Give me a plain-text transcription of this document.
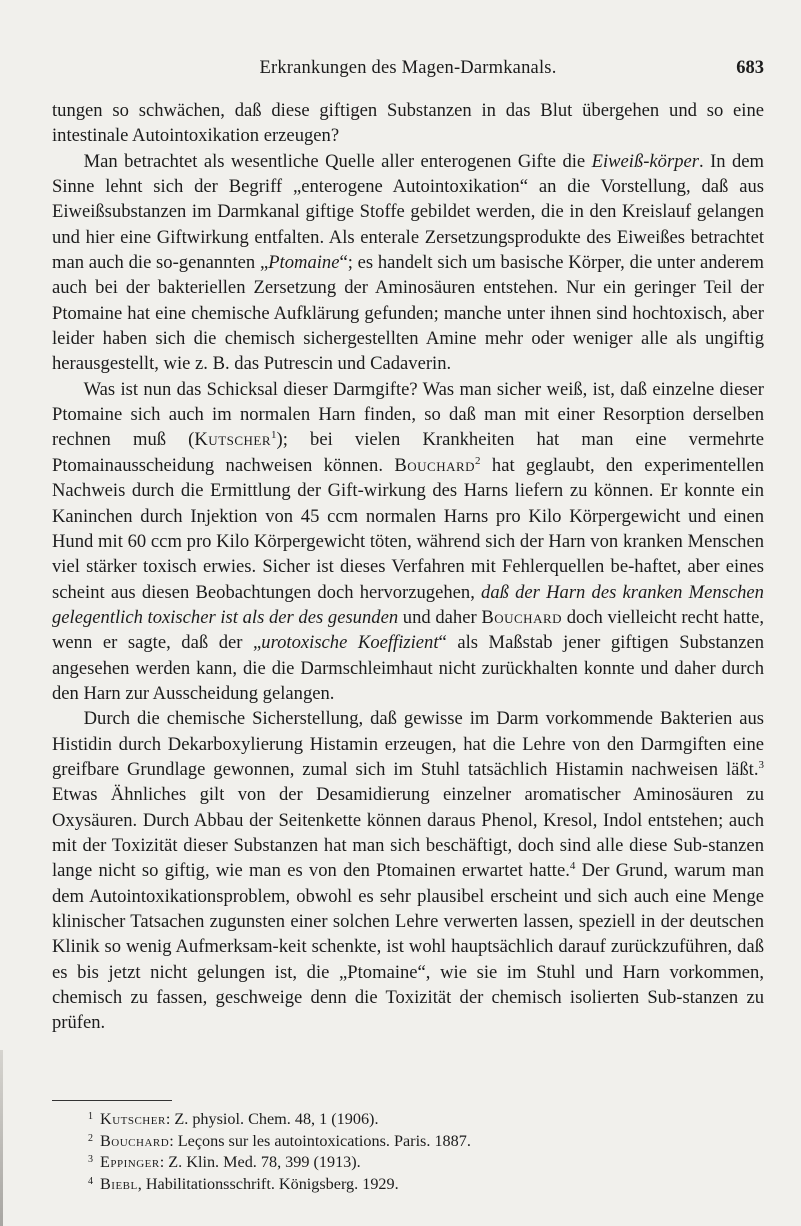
Erkrankungen des Magen-Darmkanals.	683

tungen so schwächen, daß diese giftigen Substanzen in das Blut übergehen und so eine intestinale Autointoxikation erzeugen?

Man betrachtet als wesentliche Quelle aller enterogenen Gifte die Eiweiß-körper. In dem Sinne lehnt sich der Begriff „enterogene Autointoxikation“ an die Vorstellung, daß aus Eiweißsubstanzen im Darmkanal giftige Stoffe gebildet werden, die in den Kreislauf gelangen und hier eine Giftwirkung entfalten. Als enterale Zersetzungsprodukte des Eiweißes betrachtet man auch die so-genannten „Ptomaine“; es handelt sich um basische Körper, die unter anderem auch bei der bakteriellen Zersetzung der Aminosäuren entstehen. Nur ein geringer Teil der Ptomaine hat eine chemische Aufklärung gefunden; manche unter ihnen sind hochtoxisch, aber leider haben sich die chemisch sichergestellten Amine mehr oder weniger alle als ungiftig herausgestellt, wie z. B. das Putrescin und Cadaverin.

Was ist nun das Schicksal dieser Darmgifte? Was man sicher weiß, ist, daß einzelne dieser Ptomaine sich auch im normalen Harn finden, so daß man mit einer Resorption derselben rechnen muß (Kutscher$^1$); bei vielen Krankheiten hat man eine vermehrte Ptomainausscheidung nachweisen können. Bouchard$^2$ hat geglaubt, den experimentellen Nachweis durch die Ermittlung der Gift-wirkung des Harns liefern zu können. Er konnte ein Kaninchen durch Injektion von 45 ccm normalen Harns pro Kilo Körpergewicht und einen Hund mit 60 ccm pro Kilo Körpergewicht töten, während sich der Harn von kranken Menschen viel stärker toxisch erwies. Sicher ist dieses Verfahren mit Fehlerquellen be-haftet, aber eines scheint aus diesen Beobachtungen doch hervorzugehen, daß der Harn des kranken Menschen gelegentlich toxischer ist als der des gesunden und daher Bouchard doch vielleicht recht hatte, wenn er sagte, daß der „urotoxische Koeffizient“ als Maßstab jener giftigen Substanzen angesehen werden kann, die die Darmschleimhaut nicht zurückhalten konnte und daher durch den Harn zur Ausscheidung gelangen.

Durch die chemische Sicherstellung, daß gewisse im Darm vorkommende Bakterien aus Histidin durch Dekarboxylierung Histamin erzeugen, hat die Lehre von den Darmgiften eine greifbare Grundlage gewonnen, zumal sich im Stuhl tatsächlich Histamin nachweisen läßt.$^3$ Etwas Ähnliches gilt von der Desamidierung einzelner aromatischer Aminosäuren zu Oxysäuren. Durch Abbau der Seitenkette können daraus Phenol, Kresol, Indol entstehen; auch mit der Toxizität dieser Substanzen hat man sich beschäftigt, doch sind alle diese Sub-stanzen lange nicht so giftig, wie man es von den Ptomainen erwartet hatte.$^4$ Der Grund, warum man dem Autointoxikationsproblem, obwohl es sehr plausibel erscheint und sich auch eine Menge klinischer Tatsachen zugunsten einer solchen Lehre verwerten lassen, speziell in der deutschen Klinik so wenig Aufmerksam-keit schenkte, ist wohl hauptsächlich darauf zurückzuführen, daß es bis jetzt nicht gelungen ist, die „Ptomaine“, wie sie im Stuhl und Harn vorkommen, chemisch zu fassen, geschweige denn die Toxizität der chemisch isolierten Sub-stanzen zu prüfen.

1 Kutscher: Z. physiol. Chem. 48, 1 (1906).
2 Bouchard: Leçons sur les autointoxications. Paris. 1887.
3 Eppinger: Z. Klin. Med. 78, 399 (1913).
4 Biebl, Habilitationsschrift. Königsberg. 1929.
